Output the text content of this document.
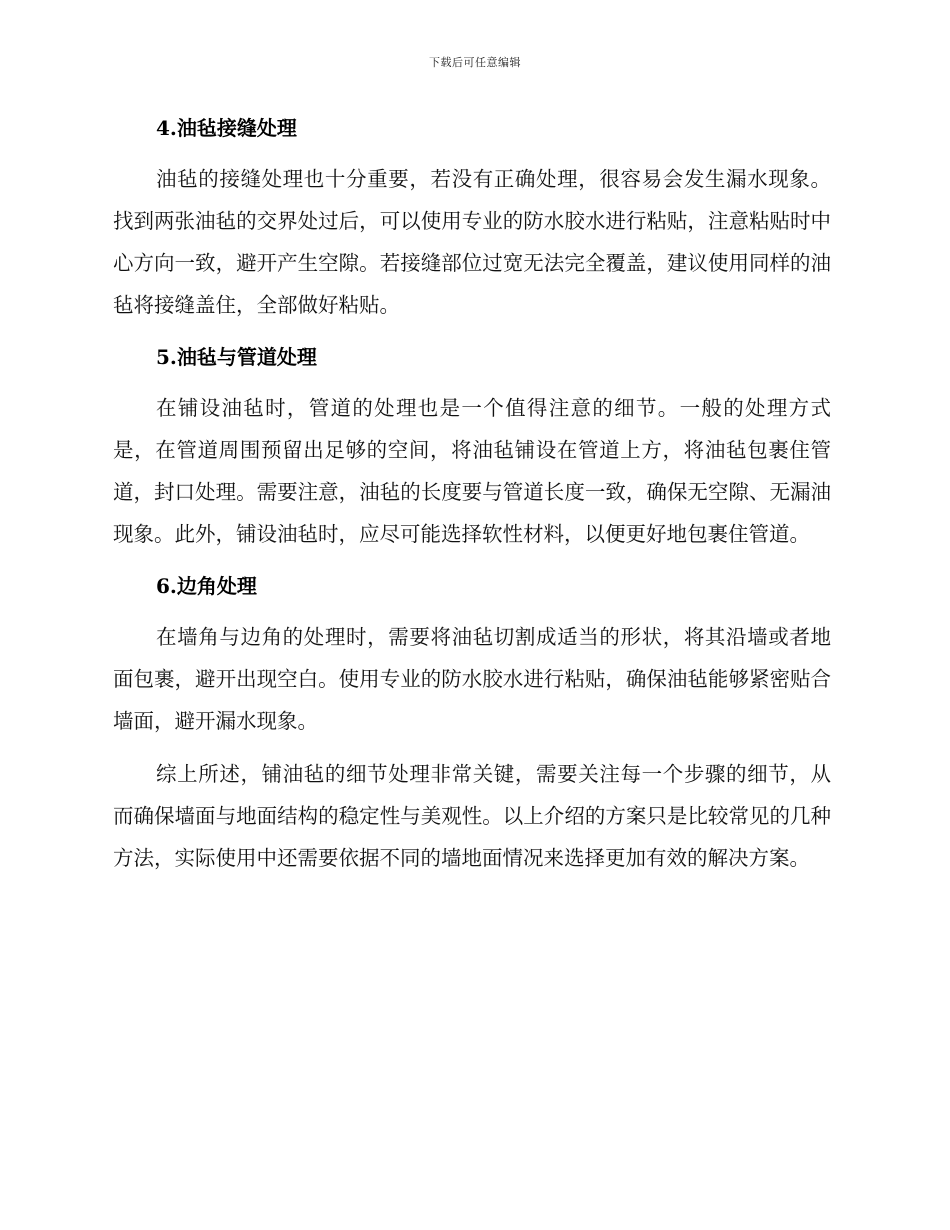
下载后可任意编辑
4.油毡接缝处理

油毡的接缝处理也十分重要，若没有正确处理，很容易会发生漏水现象。找到两张油毡的交界处过后，可以使用专业的防水胶水进行粘贴，注意粘贴时中心方向一致，避开产生空隙。若接缝部位过宽无法完全覆盖，建议使用同样的油毡将接缝盖住，全部做好粘贴。

5.油毡与管道处理

在铺设油毡时，管道的处理也是一个值得注意的细节。一般的处理方式是，在管道周围预留出足够的空间，将油毡铺设在管道上方，将油毡包裹住管道，封口处理。需要注意，油毡的长度要与管道长度一致，确保无空隙、无漏油现象。此外，铺设油毡时，应尽可能选择软性材料，以便更好地包裹住管道。

6.边角处理

在墙角与边角的处理时，需要将油毡切割成适当的形状，将其沿墙或者地面包裹，避开出现空白。使用专业的防水胶水进行粘贴，确保油毡能够紧密贴合墙面，避开漏水现象。

综上所述，铺油毡的细节处理非常关键，需要关注每一个步骤的细节，从而确保墙面与地面结构的稳定性与美观性。以上介绍的方案只是比较常见的几种方法，实际使用中还需要依据不同的墙地面情况来选择更加有效的解决方案。
